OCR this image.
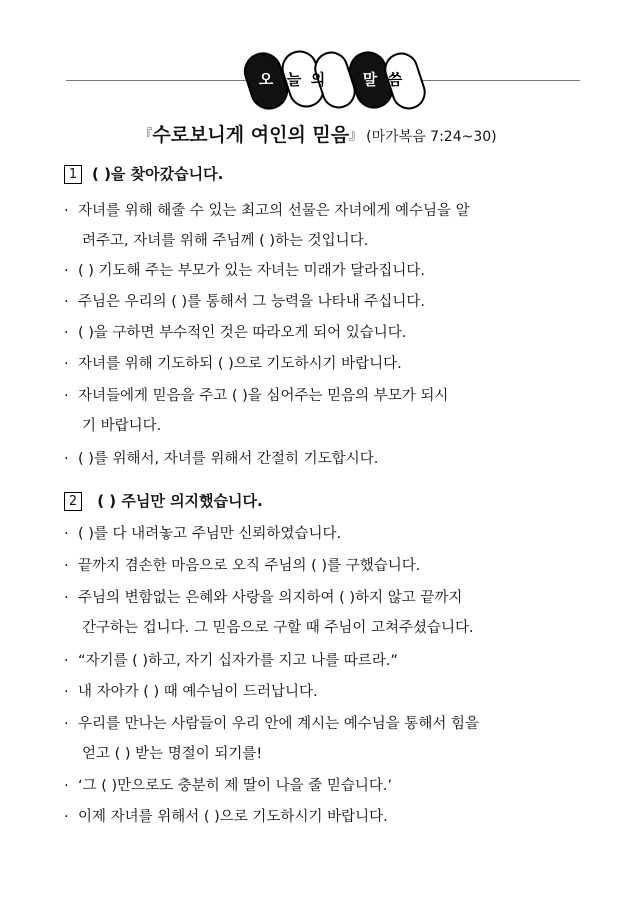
오 늘 의	말 씀
『수로보니게 여인의 믿음』 (마가복음 7:24~30)
1 ( )을 찾아갔습니다.
· 자녀를 위해 해줄 수 있는 최고의 선물은 자녀에게 예수님을 알
려주고, 자녀를 위해 주님께 ( )하는 것입니다.
· ( ) 기도해 주는 부모가 있는 자녀는 미래가 달라집니다.
· 주님은 우리의 ( )를 통해서 그 능력을 나타내 주십니다.
· ( )을 구하면 부수적인 것은 따라오게 되어 있습니다.
· 자녀를 위해 기도하되 ( )으로 기도하시기 바랍니다.
· 자녀들에게 믿음을 주고 ( )을 심어주는 믿음의 부모가 되시
기 바랍니다.
· ( )를 위해서, 자녀를 위해서 간절히 기도합시다.
2 ( ) 주님만 의지했습니다.
· ( )를 다 내려놓고 주님만 신뢰하였습니다.
· 끝까지 겸손한 마음으로 오직 주님의 ( )를 구했습니다.
· 주님의 변함없는 은혜와 사랑을 의지하여 ( )하지 않고 끝까지
간구하는 겁니다. 그 믿음으로 구할 때 주님이 고쳐주셨습니다.
· “자기를 ( )하고, 자기 십자가를 지고 나를 따르라.”
· 내 자아가 ( ) 때 예수님이 드러납니다.
· 우리를 만나는 사람들이 우리 안에 계시는 예수님을 통해서 힘을
얻고 ( ) 받는 명절이 되기를!
· ‘그 ( )만으로도 충분히 제 딸이 나을 줄 믿습니다.’
· 이제 자녀를 위해서 ( )으로 기도하시기 바랍니다.
